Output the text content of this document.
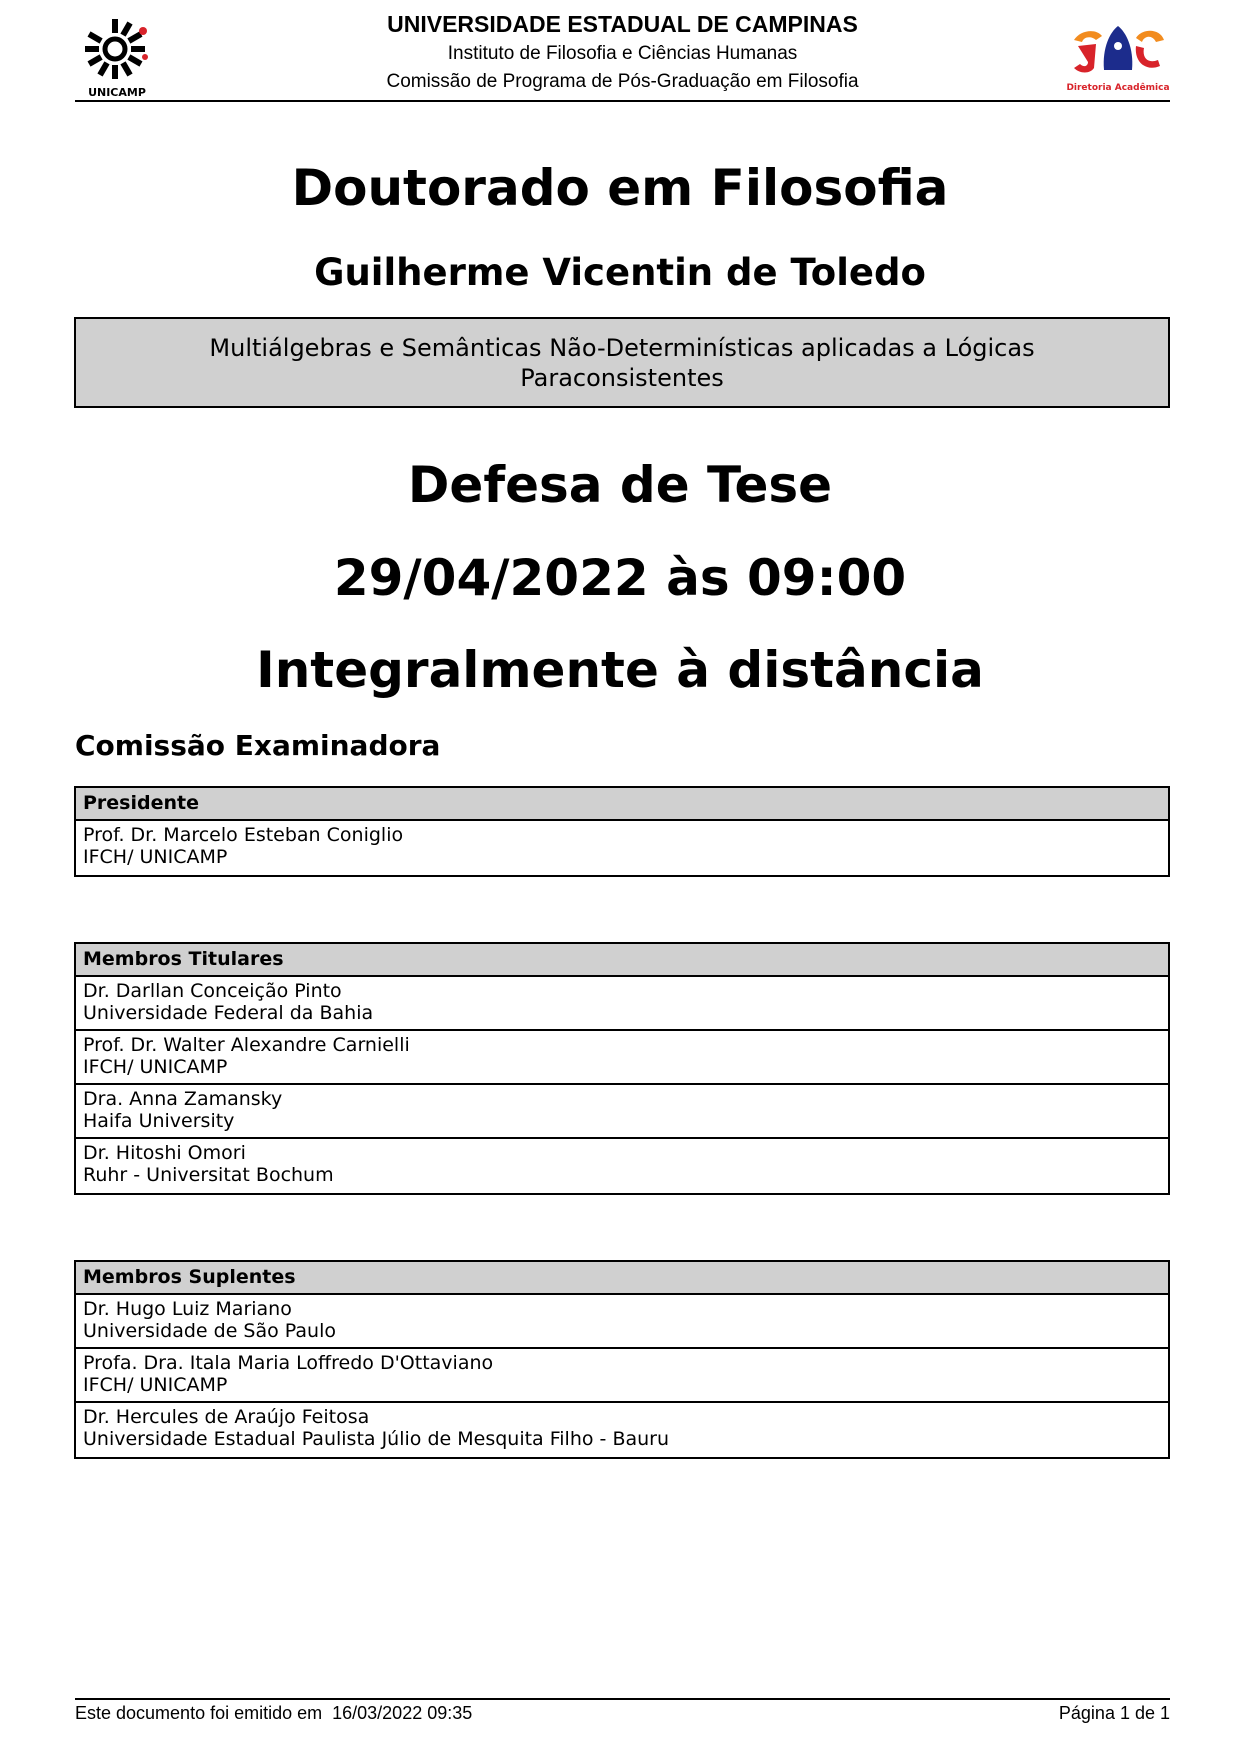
UNICAMP
UNIVERSIDADE ESTADUAL DE CAMPINAS
Instituto de Filosofia e Ciências Humanas
Comissão de Programa de Pós-Graduação em Filosofia	Diretoria Acadêmica
Doutorado em Filosofia
Guilherme Vicentin de Toledo
Multiálgebras e Semânticas Não-Determinísticas aplicadas a Lógicas Paraconsistentes
Defesa de Tese
29/04/2022 às 09:00
Integralmente à distância
Comissão Examinadora
Presidente
Prof. Dr. Marcelo Esteban Coniglio
IFCH/ UNICAMP
Membros Titulares
Dr. Darllan Conceição Pinto
Universidade Federal da Bahia
Prof. Dr. Walter Alexandre Carnielli
IFCH/ UNICAMP
Dra. Anna Zamansky
Haifa University
Dr. Hitoshi Omori
Ruhr - Universitat Bochum
Membros Suplentes
Dr. Hugo Luiz Mariano
Universidade de São Paulo
Profa. Dra. Itala Maria Loffredo D'Ottaviano
IFCH/ UNICAMP
Dr. Hercules de Araújo Feitosa
Universidade Estadual Paulista Júlio de Mesquita Filho - Bauru
Este documento foi emitido em  16/03/2022 09:35	Página 1 de 1
